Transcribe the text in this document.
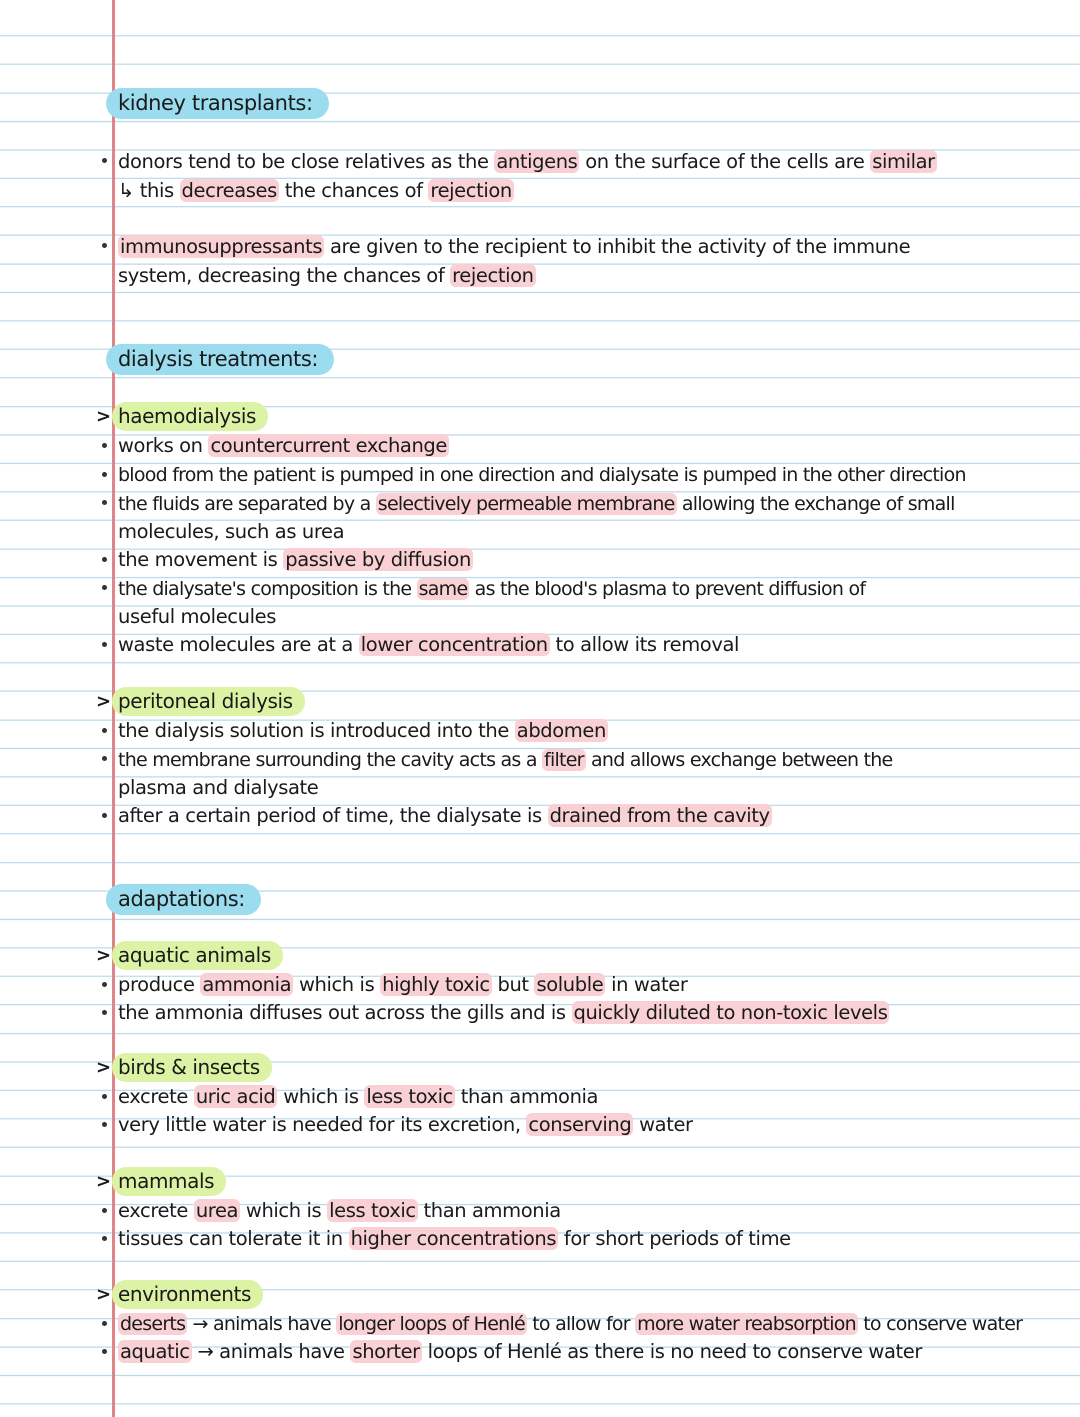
kidney transplants:
donors tend to be close relatives as the antigens on the surface of the cells are similar
↳ this decreases the chances of rejection
immunosuppressants are given to the recipient to inhibit the activity of the immune
system, decreasing the chances of rejection
dialysis treatments:
> haemodialysis
works on countercurrent exchange
blood from the patient is pumped in one direction and dialysate is pumped in the other direction
the fluids are separated by a selectively permeable membrane allowing the exchange of small
molecules, such as urea
the movement is passive by diffusion
the dialysate's composition is the same as the blood's plasma to prevent diffusion of
useful molecules
waste molecules are at a lower concentration to allow its removal
> peritoneal dialysis
the dialysis solution is introduced into the abdomen
the membrane surrounding the cavity acts as a filter and allows exchange between the
plasma and dialysate
after a certain period of time, the dialysate is drained from the cavity
adaptations:
> aquatic animals
produce ammonia which is highly toxic but soluble in water
the ammonia diffuses out across the gills and is quickly diluted to non-toxic levels
> birds & insects
excrete uric acid which is less toxic than ammonia
very little water is needed for its excretion, conserving water
> mammals
excrete urea which is less toxic than ammonia
tissues can tolerate it in higher concentrations for short periods of time
> environments
deserts → animals have longer loops of Henlé to allow for more water reabsorption to conserve water
aquatic → animals have shorter loops of Henlé as there is no need to conserve water
